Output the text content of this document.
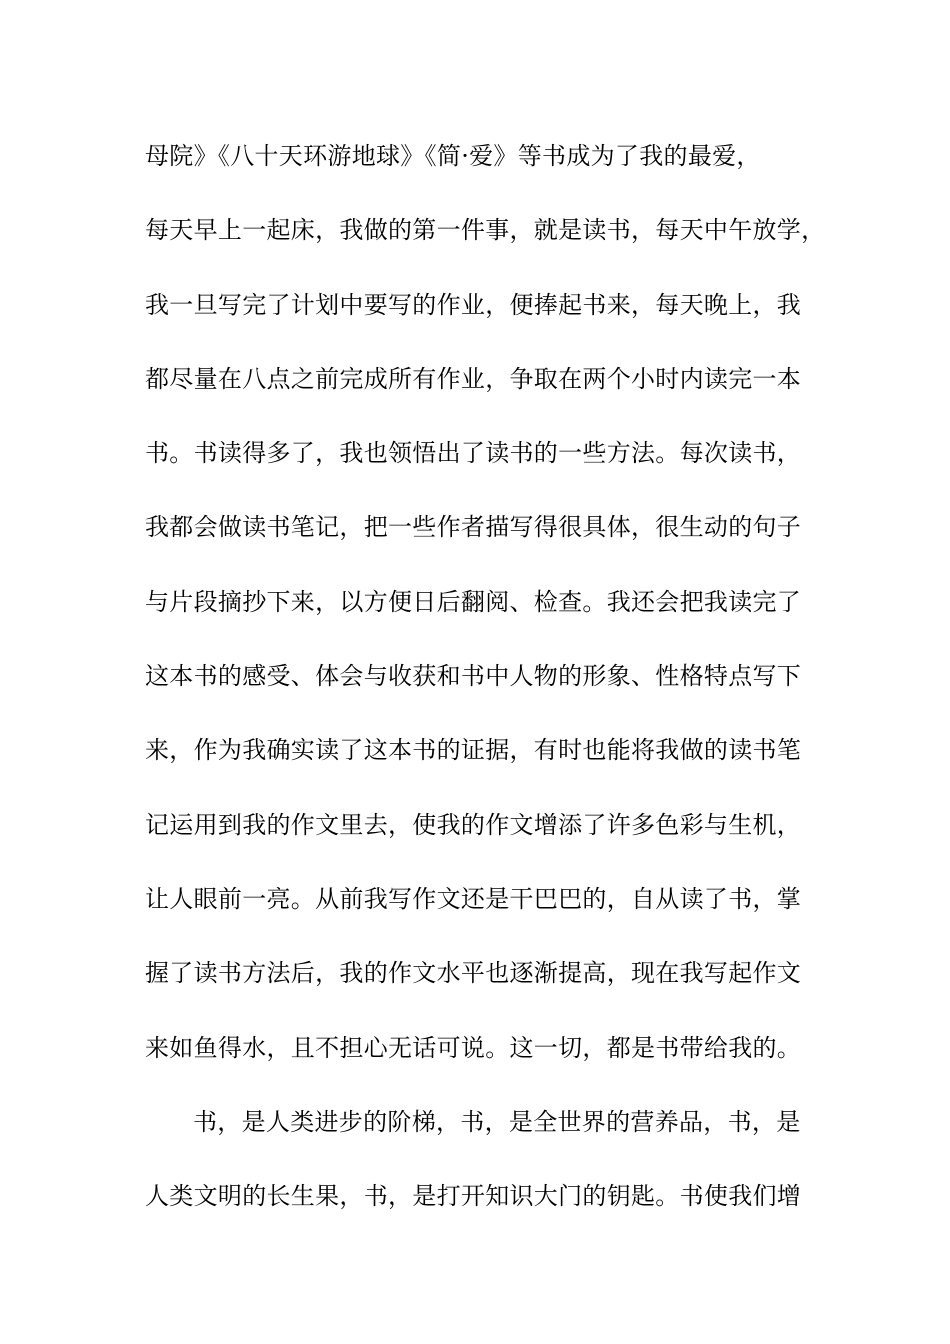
母院》《八十天环游地球》《简·爱》等书成为了我的最爱，
每天早上一起床，我做的第一件事，就是读书，每天中午放学，
我一旦写完了计划中要写的作业，便捧起书来，每天晚上，我
都尽量在八点之前完成所有作业，争取在两个小时内读完一本
书。书读得多了，我也领悟出了读书的一些方法。每次读书，
我都会做读书笔记，把一些作者描写得很具体，很生动的句子
与片段摘抄下来，以方便日后翻阅、检查。我还会把我读完了
这本书的感受、体会与收获和书中人物的形象、性格特点写下
来，作为我确实读了这本书的证据，有时也能将我做的读书笔
记运用到我的作文里去，使我的作文增添了许多色彩与生机，
让人眼前一亮。从前我写作文还是干巴巴的，自从读了书，掌
握了读书方法后，我的作文水平也逐渐提高，现在我写起作文
来如鱼得水，且不担心无话可说。这一切，都是书带给我的。
书，是人类进步的阶梯，书，是全世界的营养品，书，是
人类文明的长生果，书，是打开知识大门的钥匙。书使我们增
